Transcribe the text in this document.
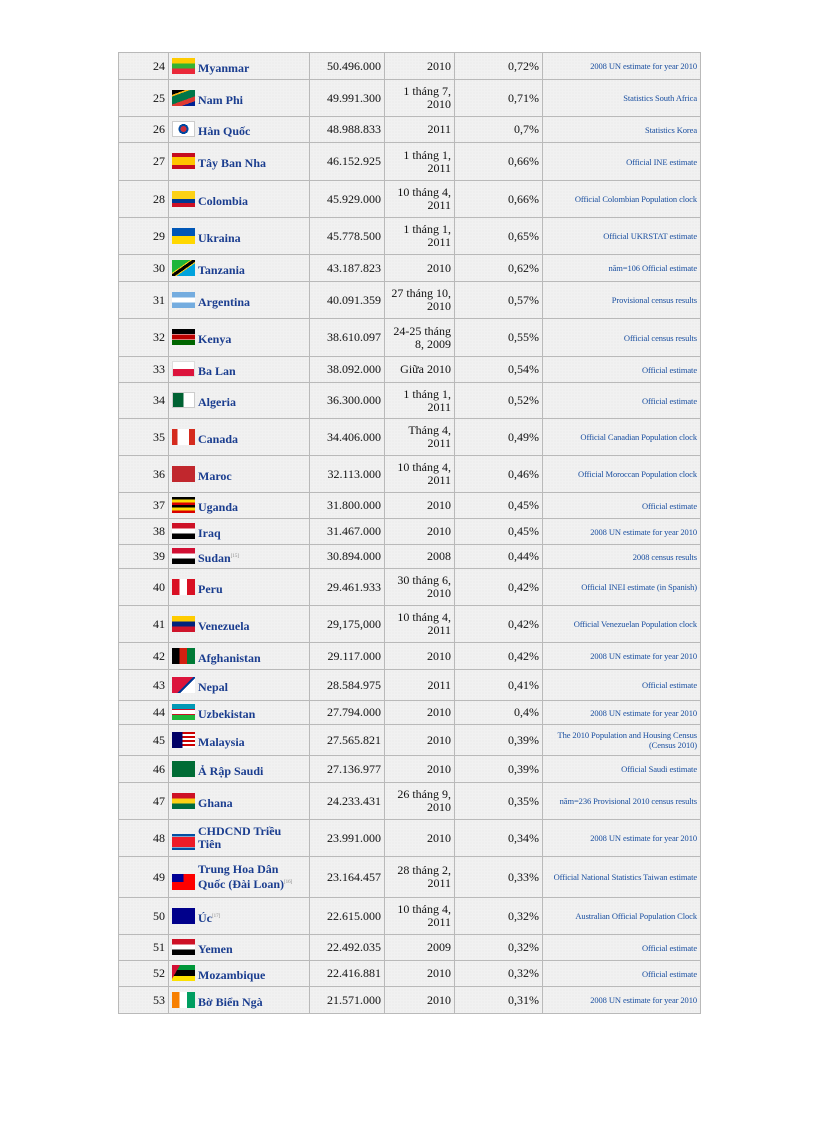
24	Myanmar	50.496.000	2010	0,72%	2008 UN estimate for year 2010
25	Nam Phi	49.991.300	1 tháng 7, 2010	0,71%	Statistics South Africa
26	Hàn Quốc	48.988.833	2011	0,7%	Statistics Korea
27	Tây Ban Nha	46.152.925	1 tháng 1, 2011	0,66%	Official INE estimate
28	Colombia	45.929.000	10 tháng 4, 2011	0,66%	Official Colombian Population clock
29	Ukraina	45.778.500	1 tháng 1, 2011	0,65%	Official UKRSTAT estimate
30	Tanzania	43.187.823	2010	0,62%	năm=106 Official estimate
31	Argentina	40.091.359	27 tháng 10, 2010	0,57%	Provisional census results
32	Kenya	38.610.097	24-25 tháng 8, 2009	0,55%	Official census results
33	Ba Lan	38.092.000	Giữa 2010	0,54%	Official estimate
34	Algeria	36.300.000	1 tháng 1, 2011	0,52%	Official estimate
35	Canada	34.406.000	Tháng 4, 2011	0,49%	Official Canadian Population clock
36	Maroc	32.113.000	10 tháng 4, 2011	0,46%	Official Moroccan Population clock
37	Uganda	31.800.000	2010	0,45%	Official estimate
38	Iraq	31.467.000	2010	0,45%	2008 UN estimate for year 2010
39	Sudan[15]	30.894.000	2008	0,44%	2008 census results
40	Peru	29.461.933	30 tháng 6, 2010	0,42%	Official INEI estimate (in Spanish)
41	Venezuela	29,175,000	10 tháng 4, 2011	0,42%	Official Venezuelan Population clock
42	Afghanistan	29.117.000	2010	0,42%	2008 UN estimate for year 2010
43	Nepal	28.584.975	2011	0,41%	Official estimate
44	Uzbekistan	27.794.000	2010	0,4%	2008 UN estimate for year 2010
45	Malaysia	27.565.821	2010	0,39%	The 2010 Population and Housing Census (Census 2010)
46	Ả Rập Saudi	27.136.977	2010	0,39%	Official Saudi estimate
47	Ghana	24.233.431	26 tháng 9, 2010	0,35%	năm=236 Provisional 2010 census results
48	CHDCND Triều Tiên	23.991.000	2010	0,34%	2008 UN estimate for year 2010
49	Trung Hoa Dân Quốc (Đài Loan)[16]	23.164.457	28 tháng 2, 2011	0,33%	Official National Statistics Taiwan estimate
50	Úc[17]	22.615.000	10 tháng 4, 2011	0,32%	Australian Official Population Clock
51	Yemen	22.492.035	2009	0,32%	Official estimate
52	Mozambique	22.416.881	2010	0,32%	Official estimate
53	Bờ Biển Ngà	21.571.000	2010	0,31%	2008 UN estimate for year 2010
